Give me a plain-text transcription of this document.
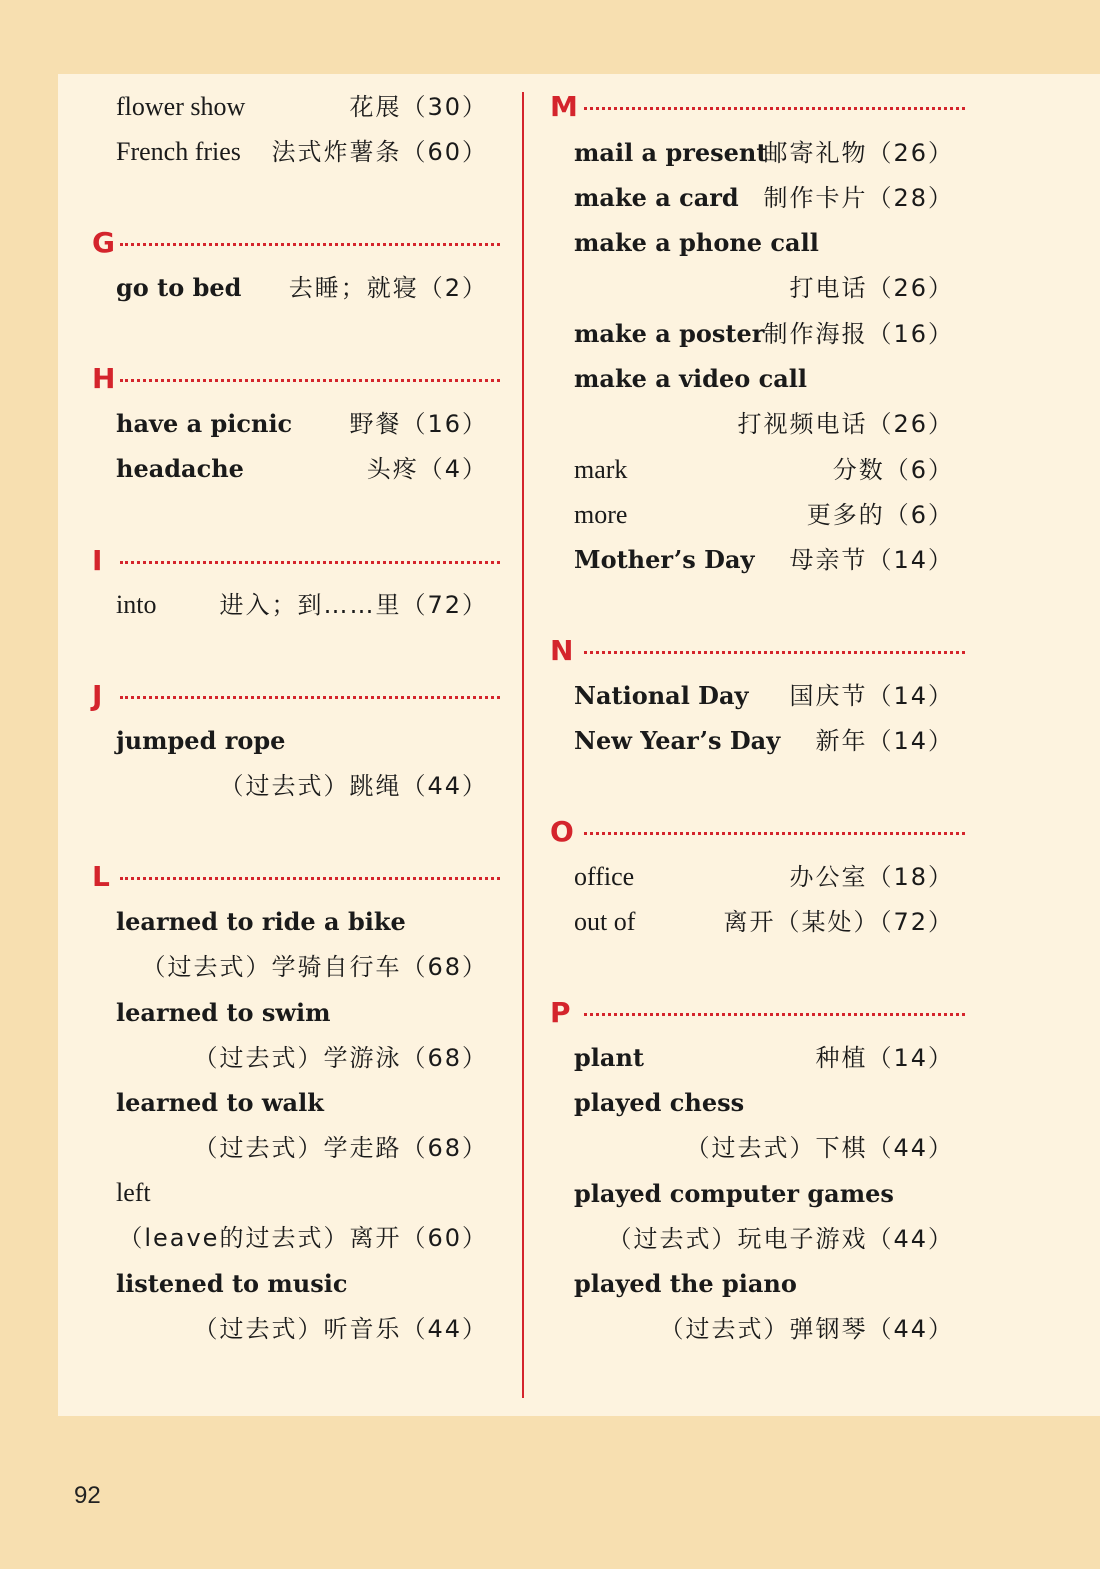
flower show	花展（30）
French fries 法式炸薯条（60）
G
go to bed 去睡；就寝（2）
H
have a picnic 野餐（16）
headache	头疼（4）
I
into	进入；到……里（72）
J
jumped rope
（过去式）跳绳（44）
L
learned to ride a bike
（过去式）学骑自行车（68）
learned to swim
（过去式）学游泳（68）
learned to walk
（过去式）学走路（68）
left
（leave的过去式）离开（60）
listened to music
（过去式）听音乐（44）
M
mail a present
邮寄礼物（26）
make a card 制作卡片（28）
make a phone call
打电话（26）
make a poster 制作海报（16）
make a video call
打视频电话（26）
mark	分数（6）
more	更多的（6）
Mother’s Day 母亲节（14）
N
National Day 国庆节（14）
New Year’s Day 新年（14）
O
office	办公室（18）
out of	离开（某处）（72）
P
plant	种植（14）
played chess
（过去式）下棋（44）
played computer games
（过去式）玩电子游戏（44）
played the piano
（过去式）弹钢琴（44）
92
